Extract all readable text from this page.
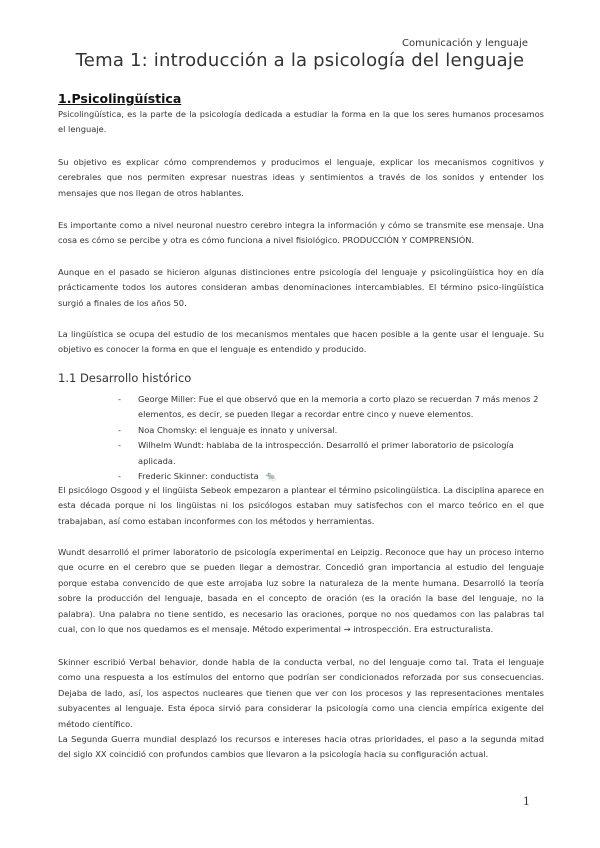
Comunicación y lenguaje
Tema 1: introducción a la psicología del lenguaje
1.Psicolingüística

Psicolingüística, es la parte de la psicología dedicada a estudiar la forma en la que los seres humanos procesamos el lenguaje.

Su objetivo es explicar cómo comprendemos y producimos el lenguaje, explicar los mecanismos cognitivos y cerebrales que nos permiten expresar nuestras ideas y sentimientos a través de los sonidos y entender los mensajes que nos llegan de otros hablantes.

Es importante como a nivel neuronal nuestro cerebro integra la información y cómo se transmite ese mensaje. Una cosa es cómo se percibe y otra es cómo funciona a nivel fisiológico. PRODUCCIÓN Y COMPRENSIÓN.

Aunque en el pasado se hicieron algunas distinciones entre psicología del lenguaje y psicolingüística hoy en día prácticamente todos los autores consideran ambas denominaciones intercambiables. El término psico-lingüística surgió a finales de los años 50.

La lingüística se ocupa del estudio de los mecanismos mentales que hacen posible a la gente usar el lenguaje. Su objetivo es conocer la forma en que el lenguaje es entendido y producido.

1.1 Desarrollo histórico
- George Miller: Fue el que observó que en la memoria a corto plazo se recuerdan 7 más menos 2 elementos, es decir, se pueden llegar a recordar entre cinco y nueve elementos.
- Noa Chomsky: el lenguaje es innato y universal.
- Wilhelm Wundt: hablaba de la introspección. Desarrolló el primer laboratorio de psicología aplicada.
- Frederic Skinner: conductista 🐀

El psicólogo Osgood y el lingüista Sebeok empezaron a plantear el término psicolingüística. La disciplina aparece en esta década porque ni los lingüistas ni los psicólogos estaban muy satisfechos con el marco teórico en el que trabajaban, así como estaban inconformes con los métodos y herramientas.

Wundt desarrolló el primer laboratorio de psicología experimental en Leipzig. Reconoce que hay un proceso interno que ocurre en el cerebro que se pueden llegar a demostrar. Concedió gran importancia al estudio del lenguaje porque estaba convencido de que este arrojaba luz sobre la naturaleza de la mente humana. Desarrolló la teoría sobre la producción del lenguaje, basada en el concepto de oración (es la oración la base del lenguaje, no la palabra). Una palabra no tiene sentido, es necesario las oraciones, porque no nos quedamos con las palabras tal cual, con lo que nos quedamos es el mensaje. Método experimental → introspección. Era estructuralista.

Skinner escribió Verbal behavior, donde habla de la conducta verbal, no del lenguaje como tal. Trata el lenguaje como una respuesta a los estímulos del entorno que podrían ser condicionados reforzada por sus consecuencias. Dejaba de lado, así, los aspectos nucleares que tienen que ver con los procesos y las representaciones mentales subyacentes al lenguaje. Esta época sirvió para considerar la psicología como una ciencia empírica exigente del método científico.

La Segunda Guerra mundial desplazó los recursos e intereses hacia otras prioridades, el paso a la segunda mitad del siglo XX coincidió con profundos cambios que llevaron a la psicología hacia su configuración actual.

1
